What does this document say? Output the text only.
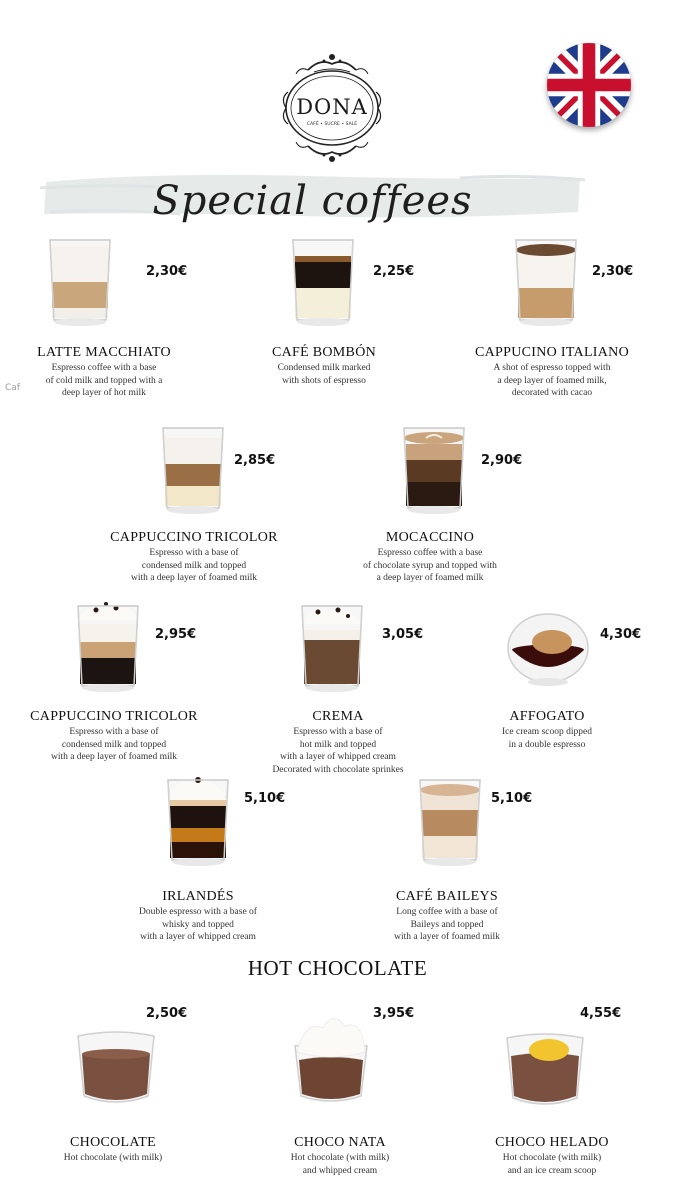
DONA
CAFÉ • SUCRE • SALÉ
Special coffees
Caf
2,30€
LATTE MACCHIATO
Espresso coffee with a base
of cold milk and topped with a
deep layer of hot milk
2,25€
CAFÉ BOMBÓN
Condensed milk marked
with shots of espresso
2,30€
CAPPUCINO ITALIANO
A shot of espresso topped with
a deep layer of foamed milk,
decorated with cacao
2,85€
CAPPUCCINO TRICOLOR
Espresso with a base of
condensed milk and topped
with a deep layer of foamed milk
2,90€
MOCACCINO
Espresso coffee with a base
of chocolate syrup and topped with
a deep layer of foamed milk
2,95€
CAPPUCCINO TRICOLOR
Espresso with a base of
condensed milk and topped
with a deep layer of foamed milk
3,05€
CREMA
Espresso with a base of
hot milk and topped
with a layer of whipped cream
Decorated with chocolate sprinkes
4,30€
AFFOGATO
Ice cream scoop dipped
in a double espresso
5,10€
IRLANDÉS
Double espresso with a base of
whisky and topped
with a layer of whipped cream
5,10€
CAFÉ BAILEYS
Long coffee with a base of
Baileys and topped
with a layer of foamed milk
HOT CHOCOLATE
2,50€
CHOCOLATE
Hot chocolate (with milk)
3,95€
CHOCO NATA
Hot chocolate (with milk)
and whipped cream
4,55€
CHOCO HELADO
Hot chocolate (with milk)
and an ice cream scoop
